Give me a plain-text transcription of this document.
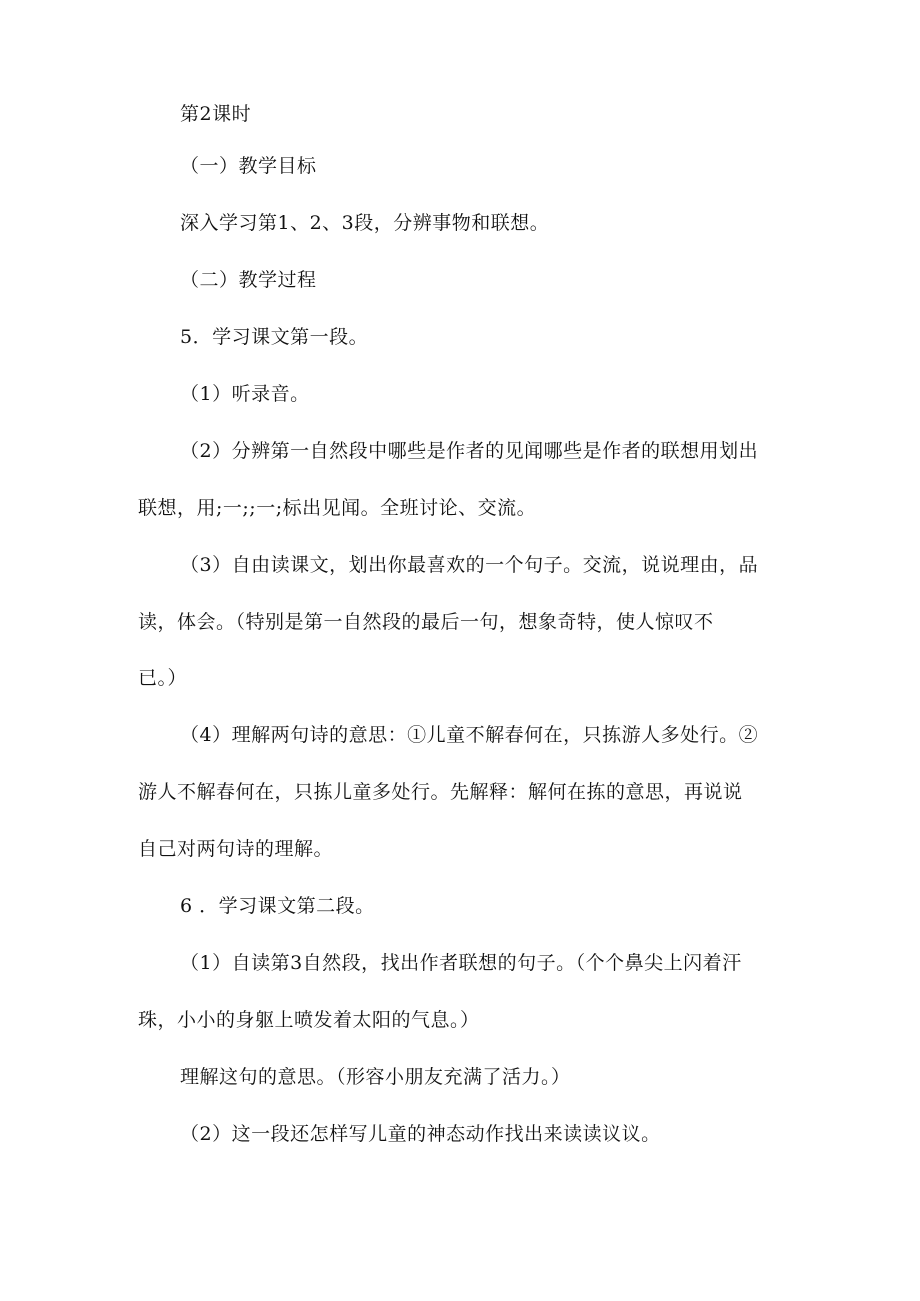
第2课时
（一）教学目标
深入学习第1、2、3段，分辨事物和联想。
（二）教学过程
5．学习课文第一段。
（1）听录音。
（2）分辨第一自然段中哪些是作者的见闻哪些是作者的联想用划出
联想，用;一;;一;标出见闻。全班讨论、交流。
（3）自由读课文，划出你最喜欢的一个句子。交流，说说理由，品
读，体会。（特别是第一自然段的最后一句，想象奇特，使人惊叹不
已。）
（4）理解两句诗的意思：①儿童不解春何在，只拣游人多处行。②
游人不解春何在，只拣儿童多处行。先解释：解何在拣的意思，再说说
自己对两句诗的理解。
6 ．学习课文第二段。
（1）自读第3自然段，找出作者联想的句子。（个个鼻尖上闪着汗
珠，小小的身躯上喷发着太阳的气息。）
理解这句的意思。（形容小朋友充满了活力。）
（2）这一段还怎样写儿童的神态动作找出来读读议议。
